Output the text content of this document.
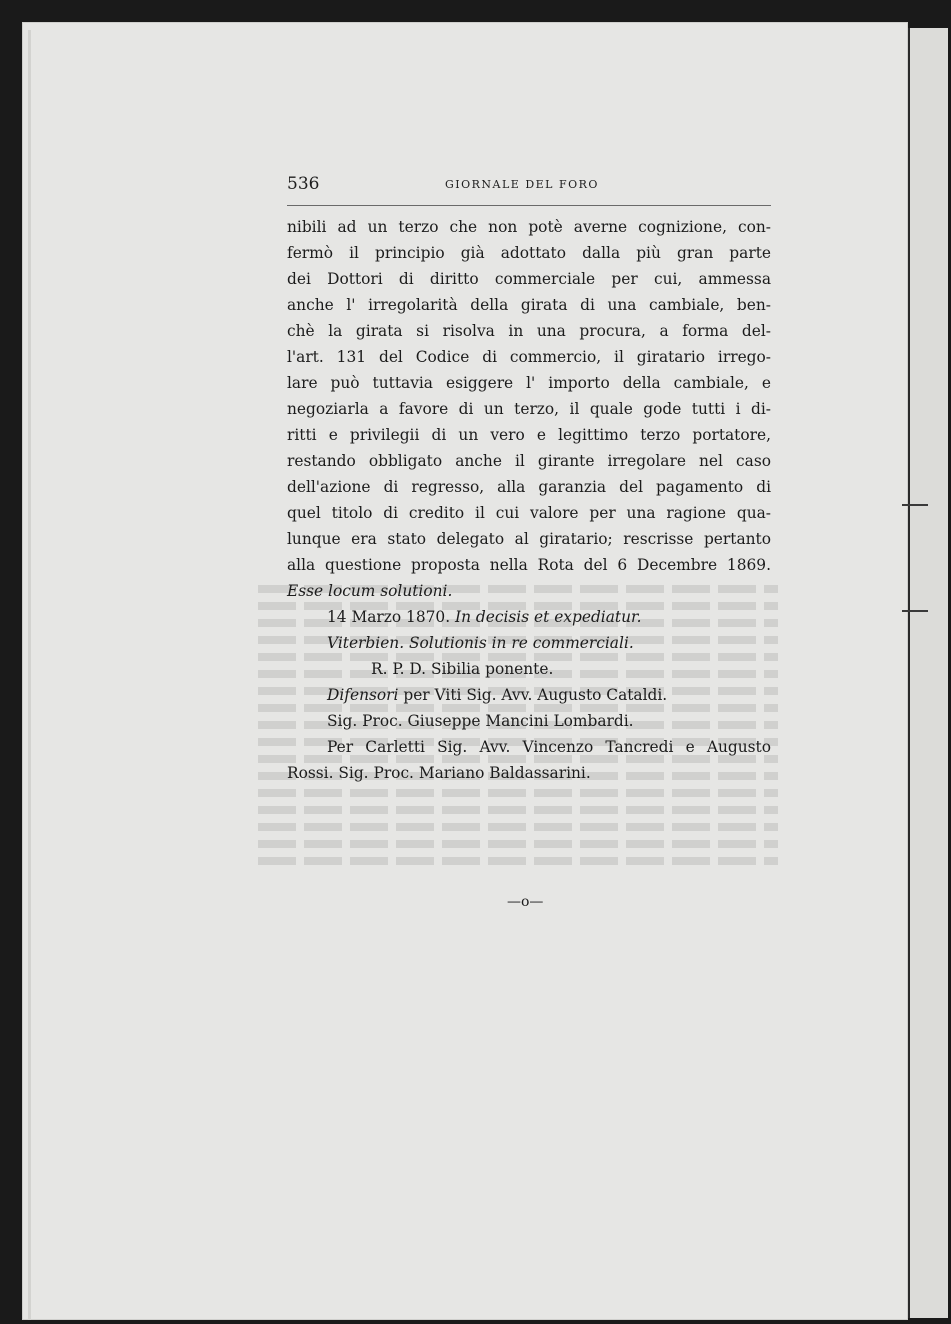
536	GIORNALE DEL FORO
nibili ad un terzo che non potè averne cognizione, con-
fermò il principio già adottato dalla più gran parte
dei Dottori di diritto commerciale per cui, ammessa
anche l' irregolarità della girata di una cambiale, ben-
chè la girata si risolva in una procura, a forma del-
l'art. 131 del Codice di commercio, il giratario irrego-
lare può tuttavia esiggere l' importo della cambiale, e
negoziarla a favore di un terzo, il quale gode tutti i di-
ritti e privilegii di un vero e legittimo terzo portatore,
restando obbligato anche il girante irregolare nel caso
dell'azione di regresso, alla garanzia del pagamento di
quel titolo di credito il cui valore per una ragione qua-
lunque era stato delegato al giratario; rescrisse pertanto
alla questione proposta nella Rota del 6 Decembre 1869.
Esse locum solutioni.
14 Marzo 1870. In decisis et expediatur.
Viterbien. Solutionis in re commerciali.
R. P. D. Sibilia ponente.
Difensori per Viti Sig. Avv. Augusto Cataldi.
Sig. Proc. Giuseppe Mancini Lombardi.
Per Carletti Sig. Avv. Vincenzo Tancredi e Augusto
Rossi. Sig. Proc. Mariano Baldassarini.
—o—
